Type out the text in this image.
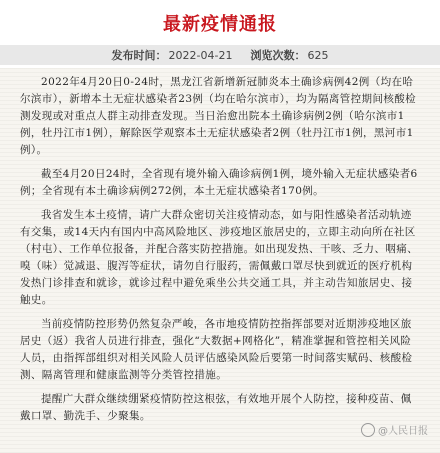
最新疫情通报
发布时间： 2022-04-21 浏览次数： 625

2022年4月20日0-24时，黑龙江省新增新冠肺炎本土确诊病例42例（均在哈尔滨市），新增本土无症状感染者23例（均在哈尔滨市），均为隔离管控期间核酸检测发现或对重点人群主动排查发现。当日治愈出院本土确诊病例2例（哈尔滨市1例，牡丹江市1例），解除医学观察本土无症状感染者2例（牡丹江市1例，黑河市1例）。

截至4月20日24时，全省现有境外输入确诊病例1例，境外输入无症状感染者6例；全省现有本土确诊病例272例，本土无症状感染者170例。

我省发生本土疫情，请广大群众密切关注疫情动态，如与阳性感染者活动轨迹有交集，或14天内有国内中高风险地区、涉疫地区旅居史的，立即主动向所在社区（村屯）、工作单位报备，并配合落实防控措施。如出现发热、干咳、乏力、咽痛、嗅（味）觉减退、腹泻等症状，请勿自行服药，需佩戴口罩尽快到就近的医疗机构发热门诊排查和就诊，就诊过程中避免乘坐公共交通工具，并主动告知旅居史、接触史。

当前疫情防控形势仍然复杂严峻，各市地疫情防控指挥部要对近期涉疫地区旅居史（返）我省人员进行排查，强化“大数据+网格化”，精准掌握和管控相关风险人员，由指挥部组织对相关风险人员评估感染风险后要第一时间落实赋码、核酸检测、隔离管理和健康监测等分类管控措施。

提醒广大群众继续绷紧疫情防控这根弦，有效地开展个人防控，接种疫苗、佩戴口罩、勤洗手、少聚集。

@人民日报
